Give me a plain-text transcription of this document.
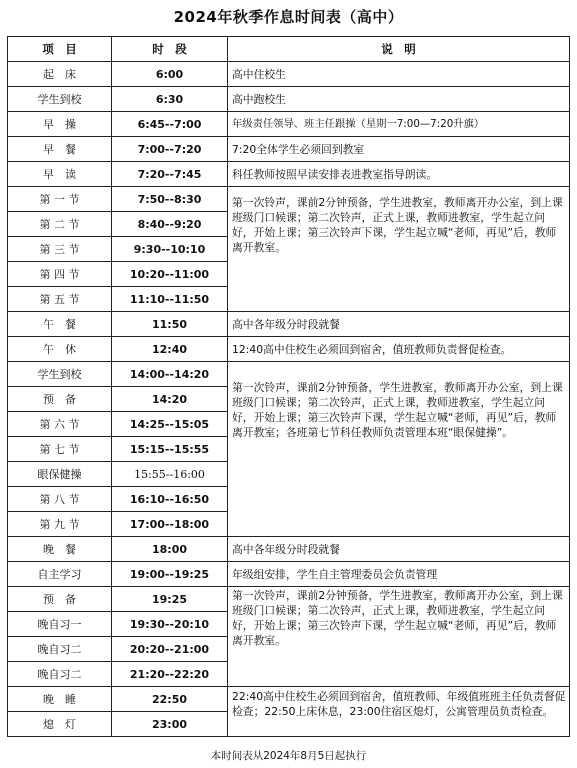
2024年秋季作息时间表（高中）
项　目	时　段	说　明
起　床	6:00	高中住校生
学生到校	6:30	高中跑校生
早　操	6:45--7:00	年级责任领导、班主任跟操（星期一7:00—7:20升旗）
早　餐	7:00--7:20	7:20全体学生必须回到教室
早　读	7:20--7:45	科任教师按照早读安排表进教室指导朗读。
第 一 节	7:50--8:30	第一次铃声，课前2分钟预备，学生进教室，教师离开办公室，到上课班级门口候课；第二次铃声，正式上课，教师进教室，学生起立问好，开始上课；第三次铃声下课，学生起立喊“老师，再见”后，教师离开教室。
第 二 节	8:40--9:20	
第 三 节	9:30--10:10	
第 四 节	10:20--11:00	
第 五 节	11:10--11:50	
午　餐	11:50	高中各年级分时段就餐
午　休	12:40	12:40高中住校生必须回到宿舍，值班教师负责督促检查。
学生到校	14:00--14:20	第一次铃声，课前2分钟预备，学生进教室，教师离开办公室，到上课班级门口候课；第二次铃声，正式上课，教师进教室，学生起立问好，开始上课；第三次铃声下课，学生起立喊“老师，再见”后，教师离开教室；各班第七节科任教师负责管理本班“眼保健操”。
预　备	14:20	
第 六 节	14:25--15:05	
第 七 节	15:15--15:55	
眼保健操	15:55--16:00	
第 八 节	16:10--16:50	
第 九 节	17:00--18:00	
晚　餐	18:00	高中各年级分时段就餐
自主学习	19:00--19:25	年级组安排，学生自主管理委员会负责管理
预　备	19:25	第一次铃声，课前2分钟预备，学生进教室，教师离开办公室，到上课班级门口候课；第二次铃声，正式上课，教师进教室，学生起立问好，开始上课；第三次铃声下课，学生起立喊“老师，再见”后，教师离开教室。

晚自习一	19:30--20:10	
晚自习二	20:20--21:00	
晚自习二	21:20--22:20	
晚　睡	22:50	22:40高中住校生必须回到宿舍，值班教师、年级值班班主任负责督促检查；22:50上床休息，23:00住宿区熄灯，公寓管理员负责检查。

熄　灯	23:00	
本时间表从2024年8月5日起执行
